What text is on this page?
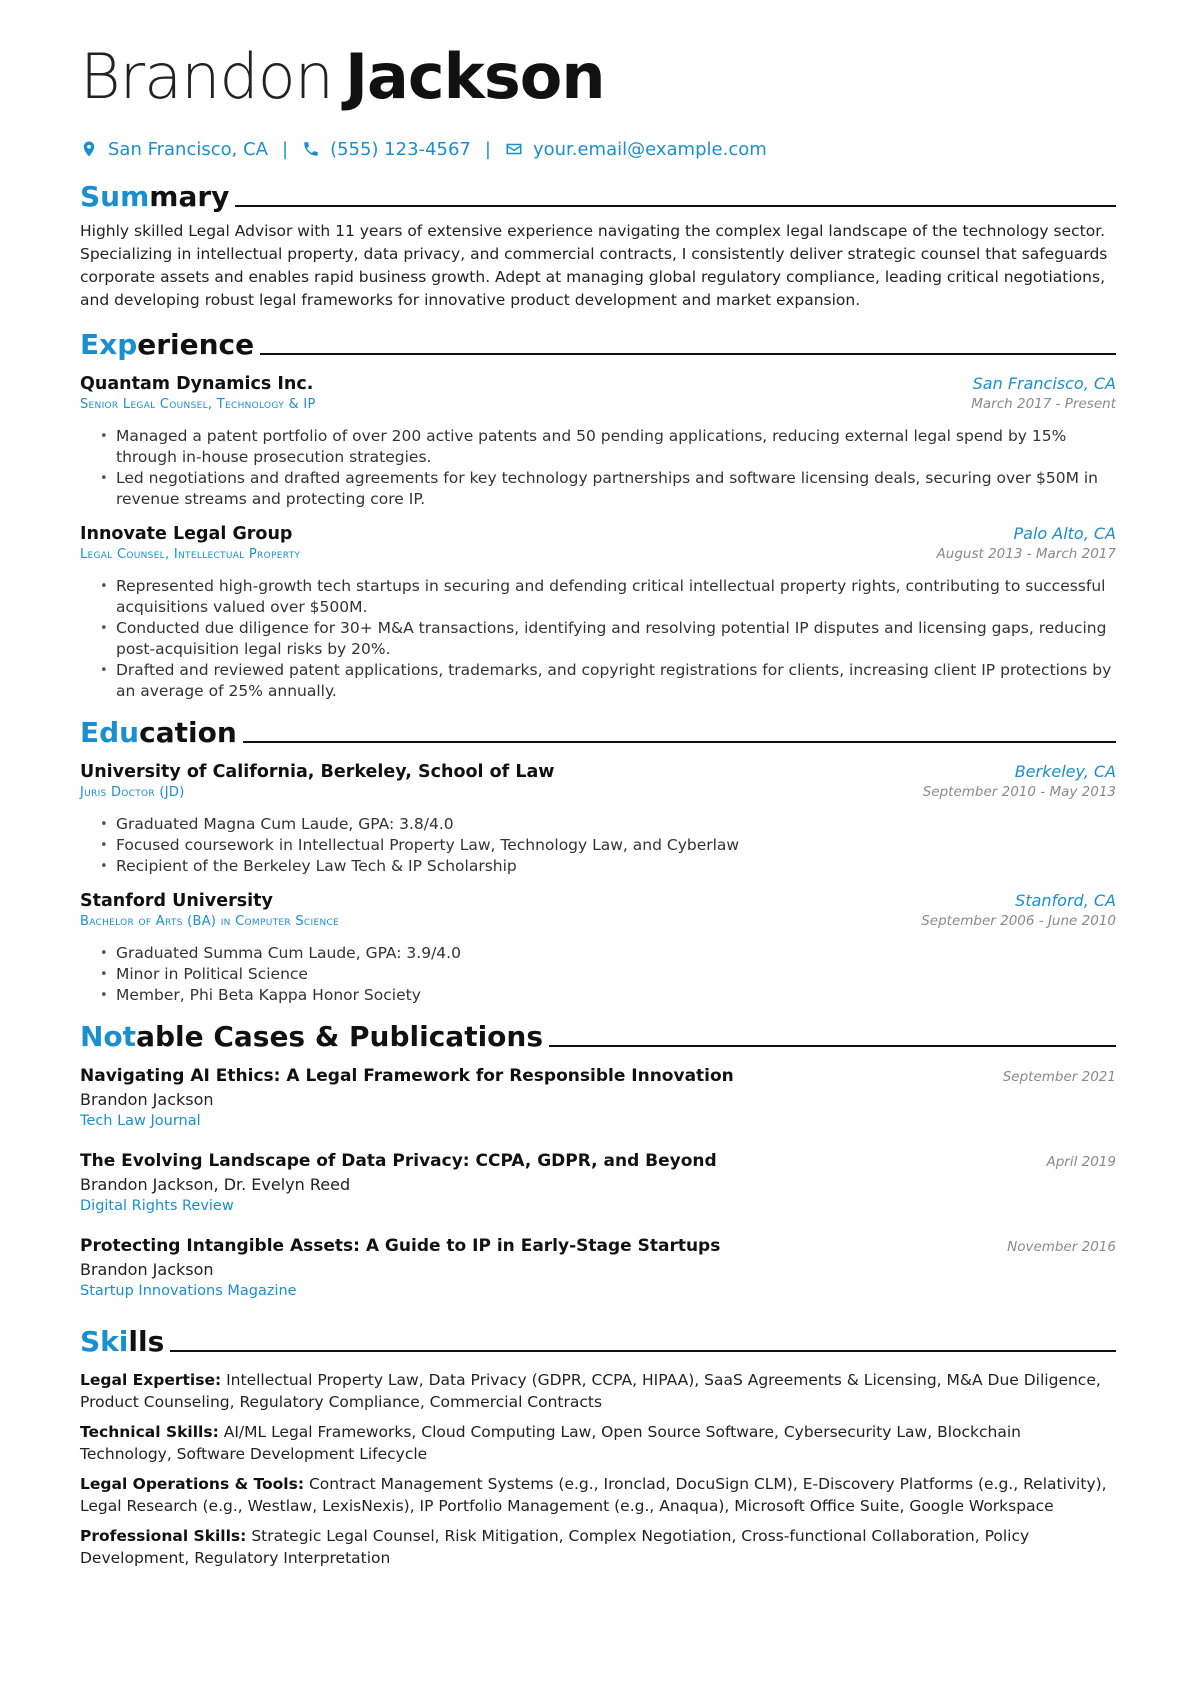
Brandon Jackson
San Francisco, CA | (555) 123-4567 | your.email@example.com
Summary
Highly skilled Legal Advisor with 11 years of extensive experience navigating the complex legal landscape of the technology sector. Specializing in intellectual property, data privacy, and commercial contracts, I consistently deliver strategic counsel that safeguards corporate assets and enables rapid business growth. Adept at managing global regulatory compliance, leading critical negotiations, and developing robust legal frameworks for innovative product development and market expansion.
Experience
Quantam Dynamics Inc.	San Francisco, CA
Senior Legal Counsel, Technology & IP	March 2017 - Present
• Managed a patent portfolio of over 200 active patents and 50 pending applications, reducing external legal spend by 15% through in-house prosecution strategies.
• Led negotiations and drafted agreements for key technology partnerships and software licensing deals, securing over $50M in revenue streams and protecting core IP.
Innovate Legal Group	Palo Alto, CA
Legal Counsel, Intellectual Property	August 2013 - March 2017
• Represented high-growth tech startups in securing and defending critical intellectual property rights, contributing to successful acquisitions valued over $500M.
• Conducted due diligence for 30+ M&A transactions, identifying and resolving potential IP disputes and licensing gaps, reducing post-acquisition legal risks by 20%.
• Drafted and reviewed patent applications, trademarks, and copyright registrations for clients, increasing client IP protections by an average of 25% annually.
Education
University of California, Berkeley, School of Law	Berkeley, CA
Juris Doctor (JD)	September 2010 - May 2013
• Graduated Magna Cum Laude, GPA: 3.8/4.0
• Focused coursework in Intellectual Property Law, Technology Law, and Cyberlaw
• Recipient of the Berkeley Law Tech & IP Scholarship
Stanford University	Stanford, CA
Bachelor of Arts (BA) in Computer Science	September 2006 - June 2010
• Graduated Summa Cum Laude, GPA: 3.9/4.0
• Minor in Political Science
• Member, Phi Beta Kappa Honor Society
Notable Cases & Publications
Navigating AI Ethics: A Legal Framework for Responsible Innovation	September 2021
Brandon Jackson
Tech Law Journal
The Evolving Landscape of Data Privacy: CCPA, GDPR, and Beyond	April 2019
Brandon Jackson, Dr. Evelyn Reed
Digital Rights Review
Protecting Intangible Assets: A Guide to IP in Early-Stage Startups	November 2016
Brandon Jackson
Startup Innovations Magazine
Skills
Legal Expertise: Intellectual Property Law, Data Privacy (GDPR, CCPA, HIPAA), SaaS Agreements & Licensing, M&A Due Diligence, Product Counseling, Regulatory Compliance, Commercial Contracts
Technical Skills: AI/ML Legal Frameworks, Cloud Computing Law, Open Source Software, Cybersecurity Law, Blockchain Technology, Software Development Lifecycle
Legal Operations & Tools: Contract Management Systems (e.g., Ironclad, DocuSign CLM), E-Discovery Platforms (e.g., Relativity), Legal Research (e.g., Westlaw, LexisNexis), IP Portfolio Management (e.g., Anaqua), Microsoft Office Suite, Google Workspace
Professional Skills: Strategic Legal Counsel, Risk Mitigation, Complex Negotiation, Cross-functional Collaboration, Policy Development, Regulatory Interpretation
